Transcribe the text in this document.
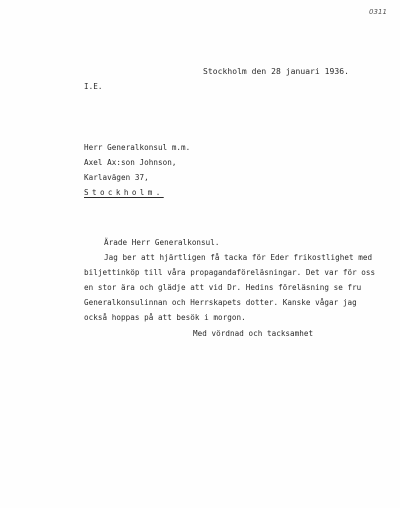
0311
Stockholm den 28 januari 1936.
I.E.
Herr Generalkonsul m.m.
Axel Ax:son Johnson,
Karlavägen 37,
Stockholm.
Ärade Herr Generalkonsul.
Jag ber att hjärtligen få tacka för Eder frikostlighet med
biljettinköp till våra propagandaföreläsningar. Det var för oss
en stor ära och glädje att vid Dr. Hedins föreläsning se fru
Generalkonsulinnan och Herrskapets dotter. Kanske vågar jag
också hoppas på att besök i morgon.
Med vördnad och tacksamhet
